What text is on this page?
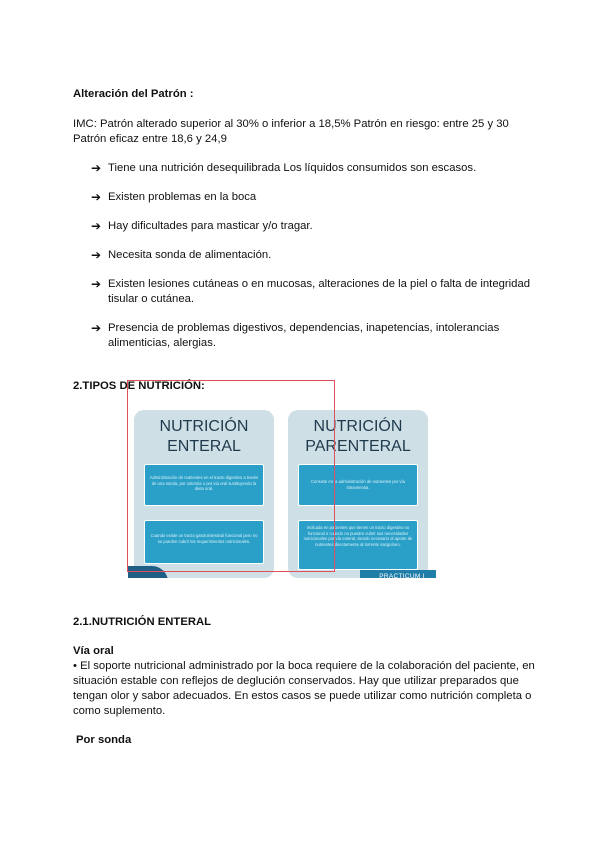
Alteración del Patrón :
IMC: Patrón alterado superior al 30% o inferior a 18,5% Patrón en riesgo: entre 25 y 30
Patrón eficaz entre 18,6 y 24,9
➔ Tiene una nutrición desequilibrada Los líquidos consumidos son escasos.
➔ Existen problemas en la boca
➔ Hay dificultades para masticar y/o tragar.
➔ Necesita sonda de alimentación.
➔ Existen lesiones cutáneas o en mucosas, alteraciones de la piel o falta de integridad
tisular o cutánea.
➔ Presencia de problemas digestivos, dependencias, inapetencias, intolerancias
alimenticias, alergias.
2.TIPOS DE NUTRICIÓN:
NUTRICIÓN
ENTERAL
Administración de nutrientes en el tracto digestivo a través de una sonda, por ostomía o por vía oral sustituyendo la dieta oral.
Cuando existe un tracto gastrointestinal funcional pero no se pueden cubrir los requerimientos nutricionales.
NUTRICIÓN
PARENTERAL
Consiste en la administración de nutrientes por vía intravenosa.
Indicada en pacientes que tienen un tracto digestivo no funcional o cuando no pueden cubrir sus necesidades nutricionales por vía enteral, siendo necesario el aporte de nutrientes directamente al torrente sanguíneo.
PRACTICUM I
2.1.NUTRICIÓN ENTERAL
Vía oral
• El soporte nutricional administrado por la boca requiere de la colaboración del paciente, en
situación estable con reflejos de deglución conservados. Hay que utilizar preparados que
tengan olor y sabor adecuados. En estos casos se puede utilizar como nutrición completa o
como suplemento.
Por sonda
